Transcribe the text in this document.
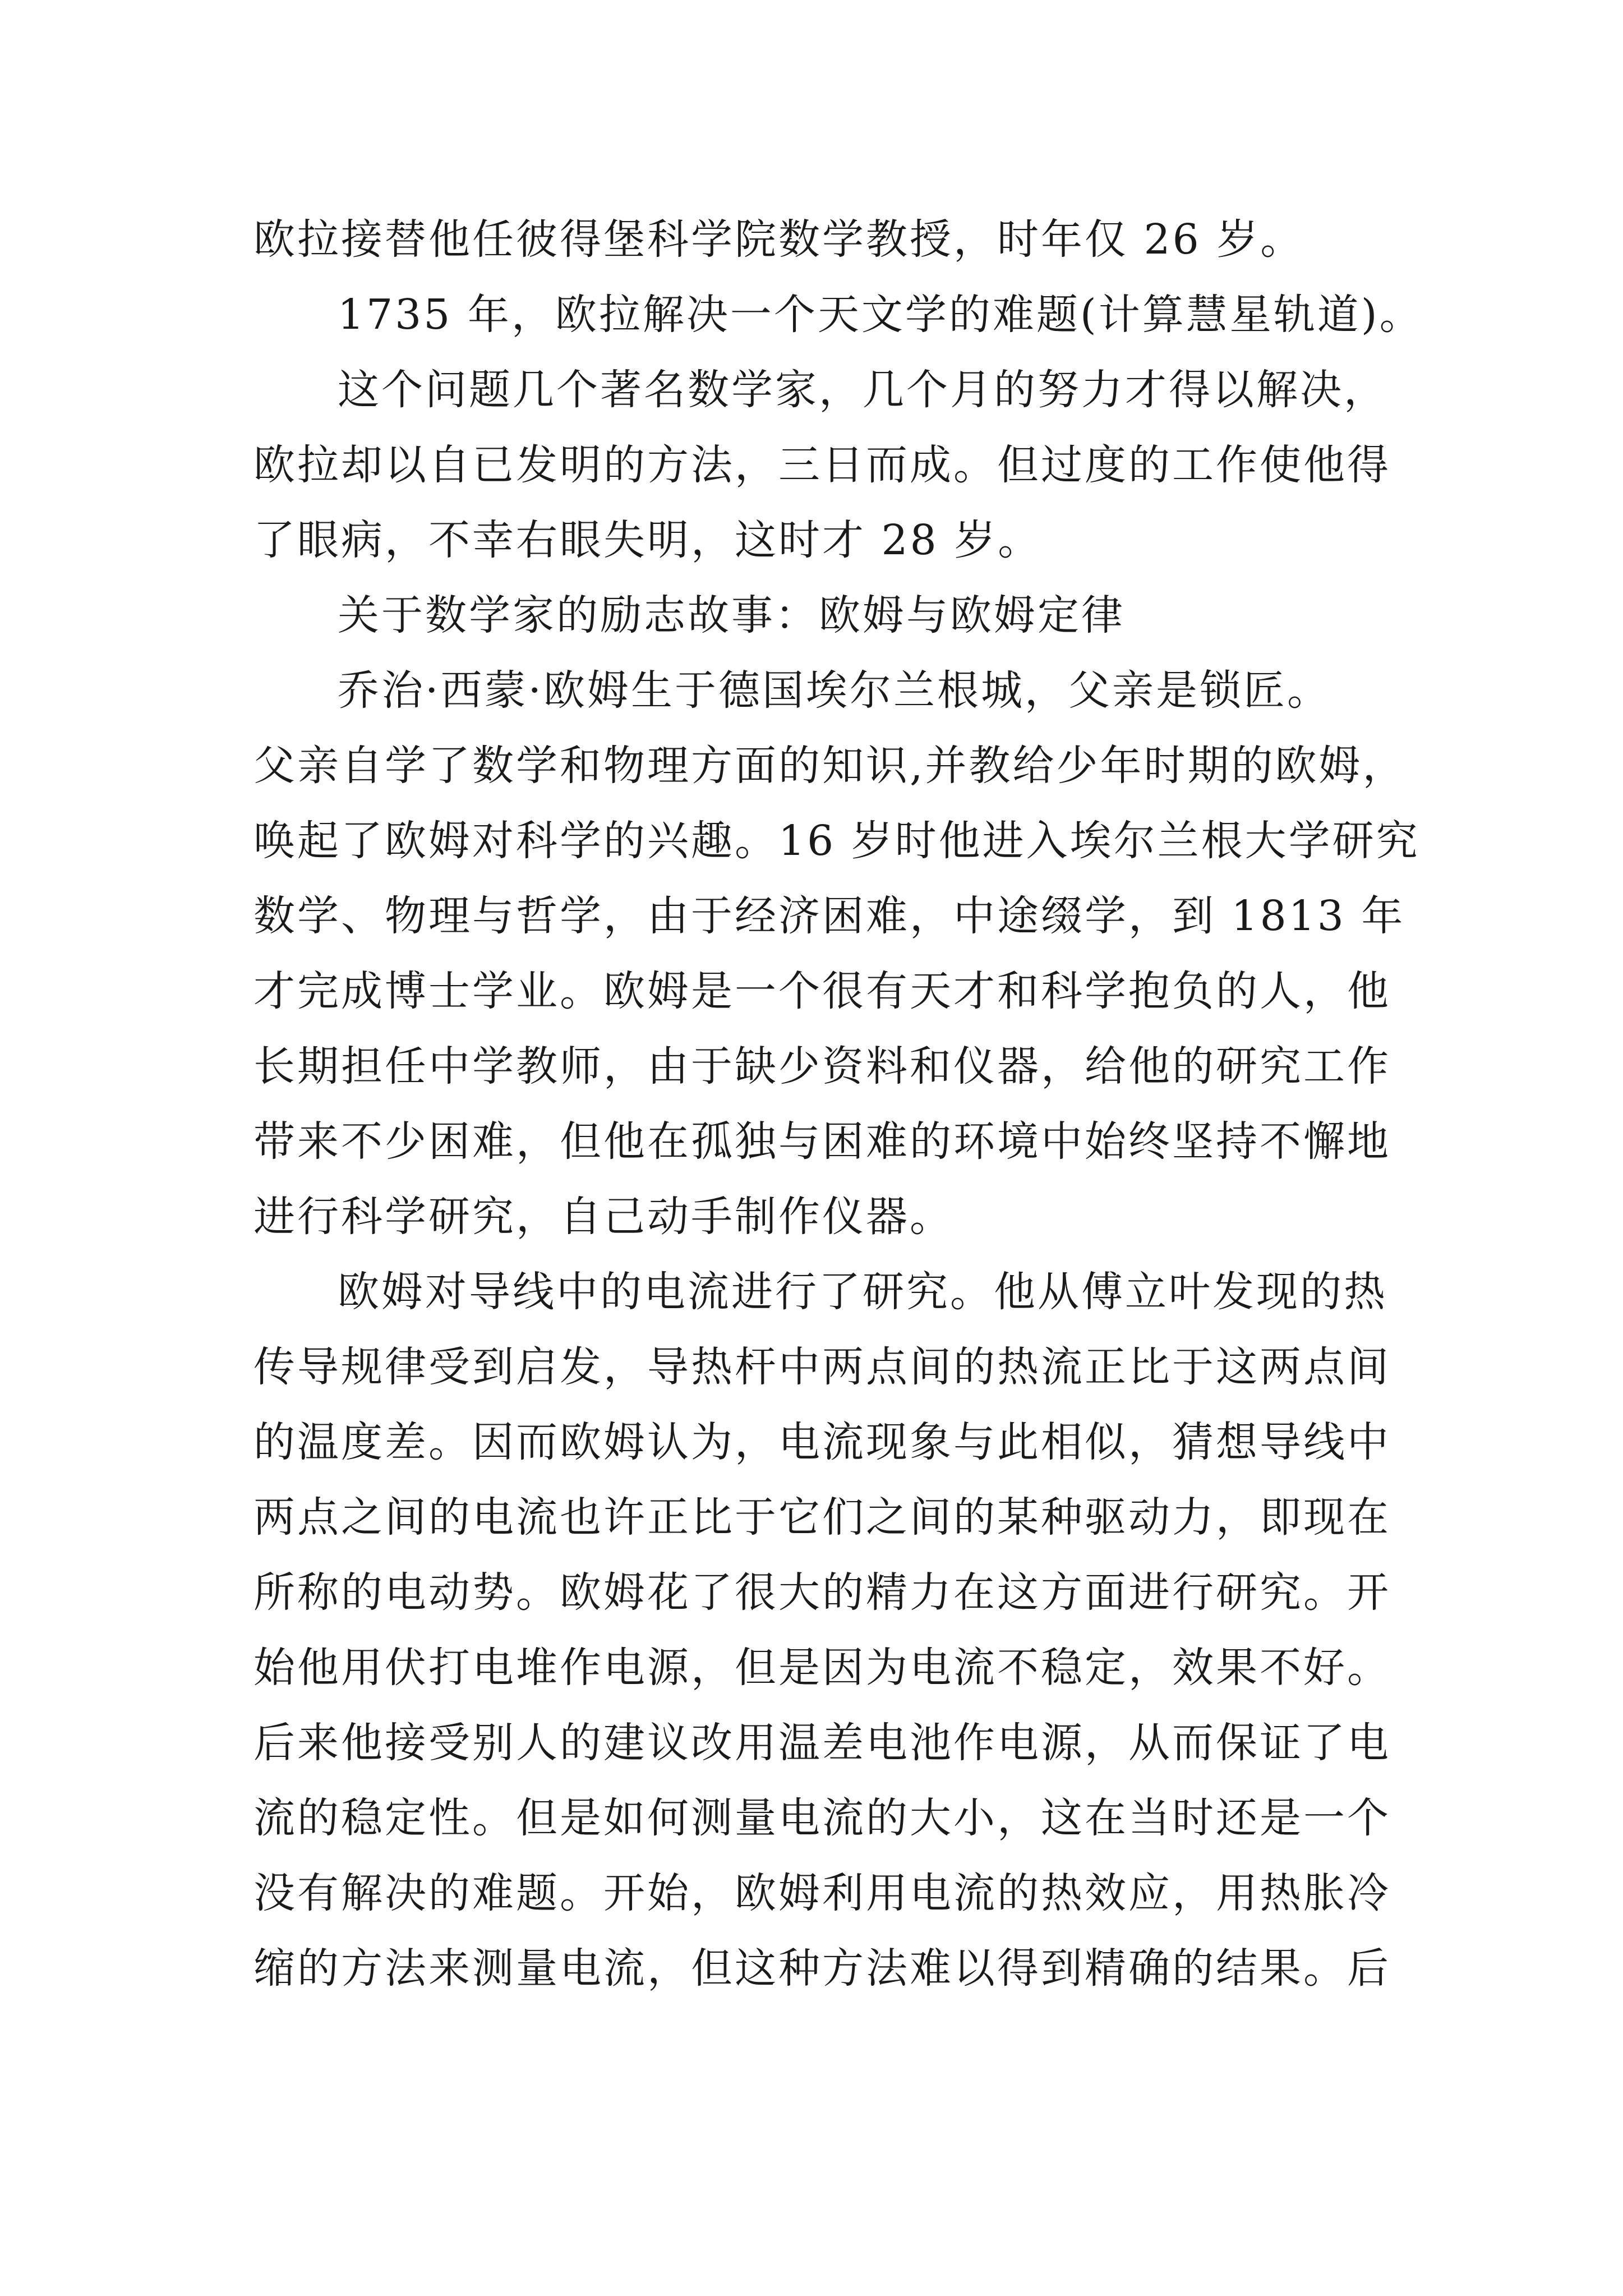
欧拉接替他任彼得堡科学院数学教授，时年仅 26 岁。
1735 年，欧拉解决一个天文学的难题(计算慧星轨道)。
这个问题几个著名数学家，几个月的努力才得以解决，
欧拉却以自已发明的方法，三日而成。但过度的工作使他得
了眼病，不幸右眼失明，这时才 28 岁。
关于数学家的励志故事：欧姆与欧姆定律
乔治·西蒙·欧姆生于德国埃尔兰根城，父亲是锁匠。
父亲自学了数学和物理方面的知识,并教给少年时期的欧姆，
唤起了欧姆对科学的兴趣。16 岁时他进入埃尔兰根大学研究
数学、物理与哲学，由于经济困难，中途缀学，到 1813 年
才完成博士学业。欧姆是一个很有天才和科学抱负的人，他
长期担任中学教师，由于缺少资料和仪器，给他的研究工作
带来不少困难，但他在孤独与困难的环境中始终坚持不懈地
进行科学研究，自己动手制作仪器。
欧姆对导线中的电流进行了研究。他从傅立叶发现的热
传导规律受到启发，导热杆中两点间的热流正比于这两点间
的温度差。因而欧姆认为，电流现象与此相似，猜想导线中
两点之间的电流也许正比于它们之间的某种驱动力，即现在
所称的电动势。欧姆花了很大的精力在这方面进行研究。开
始他用伏打电堆作电源，但是因为电流不稳定，效果不好。
后来他接受别人的建议改用温差电池作电源，从而保证了电
流的稳定性。但是如何测量电流的大小，这在当时还是一个
没有解决的难题。开始，欧姆利用电流的热效应，用热胀冷
缩的方法来测量电流，但这种方法难以得到精确的结果。后
